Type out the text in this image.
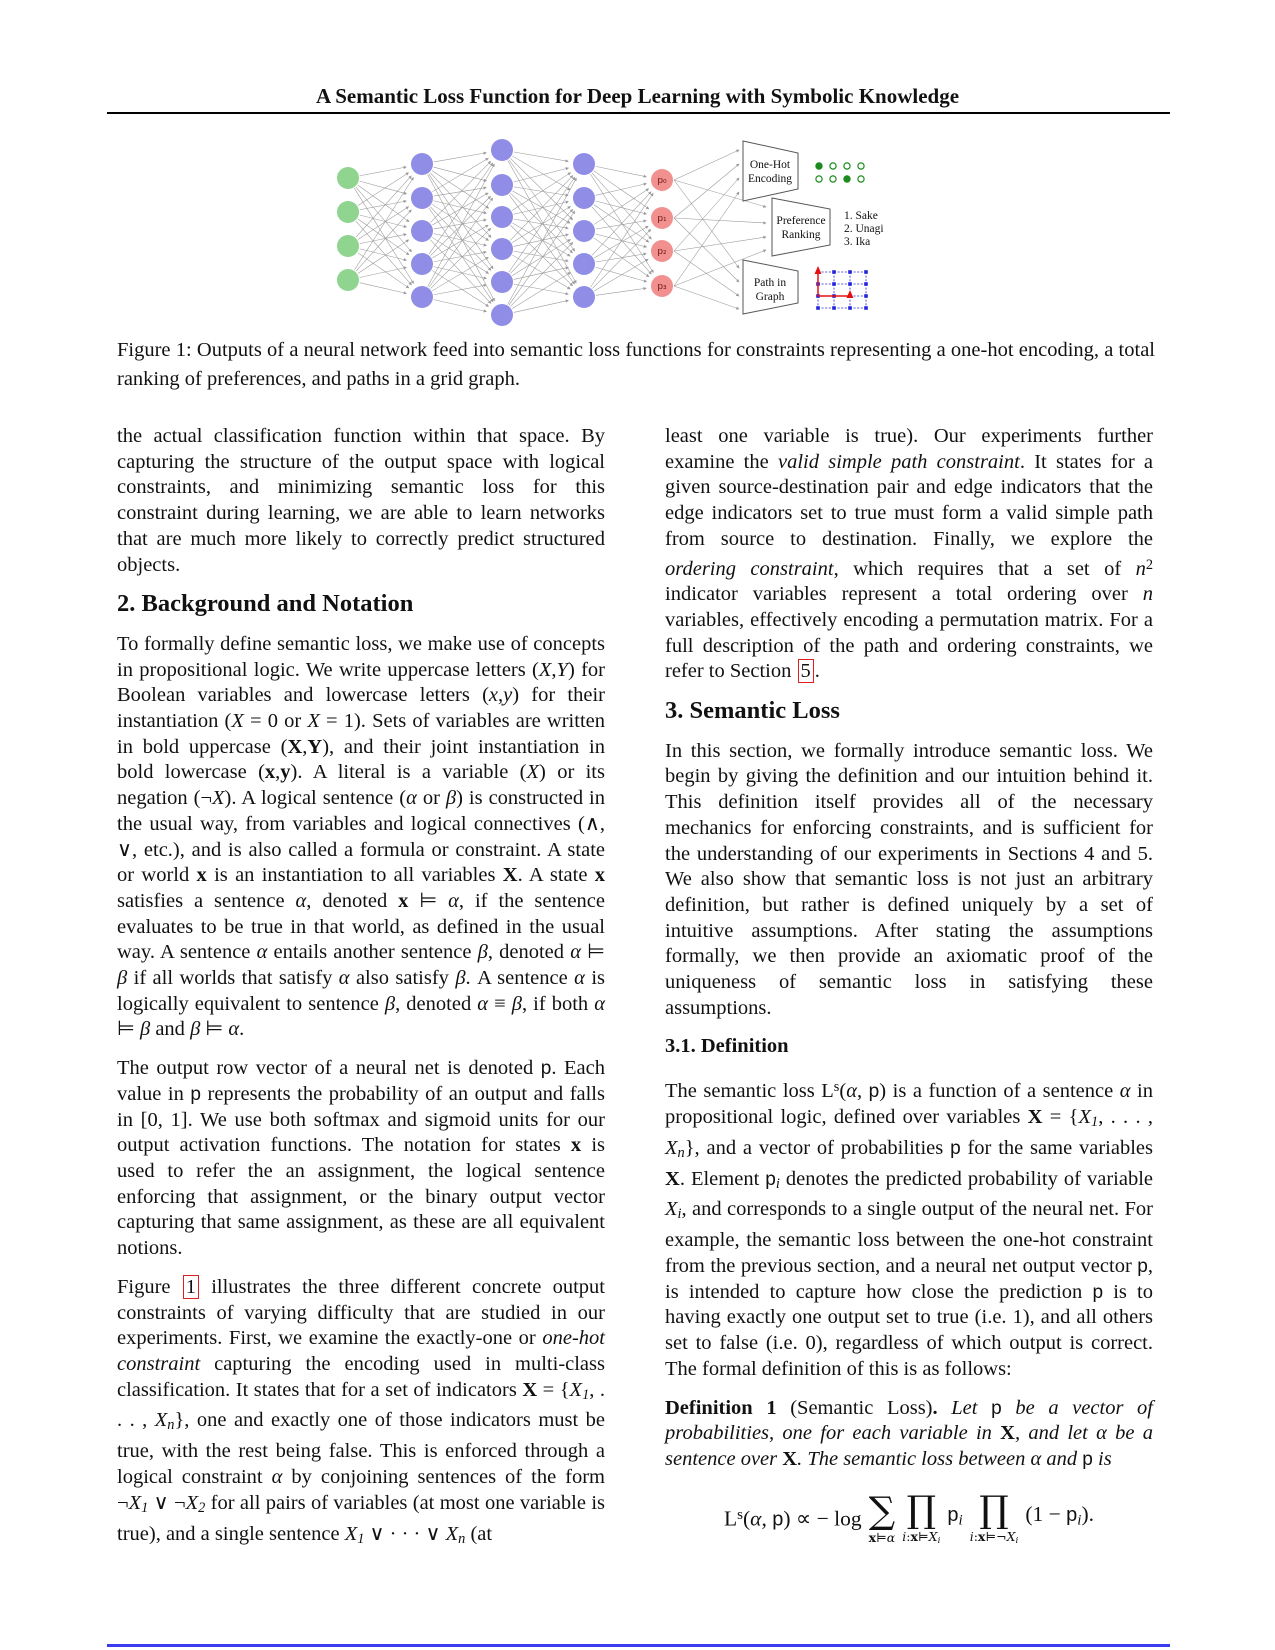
A Semantic Loss Function for Deep Learning with Symbolic Knowledge
p₀
p₁
p₂
p₃
One-Hot
Encoding
Preference
Ranking
Path in
Graph
1. Sake
2. Unagi
3. Ika
Figure 1: Outputs of a neural network feed into semantic loss functions for constraints representing a one-hot encoding, a total ranking of preferences, and paths in a grid graph.

the actual classification function within that space. By capturing the structure of the output space with logical constraints, and minimizing semantic loss for this constraint during learning, we are able to learn networks that are much more likely to correctly predict structured objects.

2. Background and Notation

To formally define semantic loss, we make use of concepts in propositional logic. We write uppercase letters (X,Y) for Boolean variables and lowercase letters (x,y) for their instantiation (X = 0 or X = 1). Sets of variables are written in bold uppercase (X,Y), and their joint instantiation in bold lowercase (x,y). A literal is a variable (X) or its negation (¬X). A logical sentence (α or β) is constructed in the usual way, from variables and logical connectives (∧, ∨, etc.), and is also called a formula or constraint. A state or world x is an instantiation to all variables X. A state x satisfies a sentence α, denoted x ⊨ α, if the sentence evaluates to be true in that world, as defined in the usual way. A sentence α entails another sentence β, denoted α ⊨ β if all worlds that satisfy α also satisfy β. A sentence α is logically equivalent to sentence β, denoted α ≡ β, if both α ⊨ β and β ⊨ α.

The output row vector of a neural net is denoted p. Each value in p represents the probability of an output and falls in [0, 1]. We use both softmax and sigmoid units for our output activation functions. The notation for states x is used to refer the an assignment, the logical sentence enforcing that assignment, or the binary output vector capturing that same assignment, as these are all equivalent notions.

Figure 1 illustrates the three different concrete output constraints of varying difficulty that are studied in our experiments. First, we examine the exactly-one or one-hot constraint capturing the encoding used in multi-class classification. It states that for a set of indicators X = {X1, . . . , Xn}, one and exactly one of those indicators must be true, with the rest being false. This is enforced through a logical constraint α by conjoining sentences of the form ¬X1 ∨ ¬X2 for all pairs of variables (at most one variable is true), and a single sentence X1 ∨ · · · ∨ Xn (at

least one variable is true). Our experiments further examine the valid simple path constraint. It states for a given source-destination pair and edge indicators that the edge indicators set to true must form a valid simple path from source to destination. Finally, we explore the ordering constraint, which requires that a set of $n^2$ indicator variables represent a total ordering over n variables, effectively encoding a permutation matrix. For a full description of the path and ordering constraints, we refer to Section 5 .

3. Semantic Loss

In this section, we formally introduce semantic loss. We begin by giving the definition and our intuition behind it. This definition itself provides all of the necessary mechanics for enforcing constraints, and is sufficient for the understanding of our experiments in Sections 4 and 5. We also show that semantic loss is not just an arbitrary definition, but rather is defined uniquely by a set of intuitive assumptions. After stating the assumptions formally, we then provide an axiomatic proof of the uniqueness of semantic loss in satisfying these assumptions.

3.1. Definition

The semantic loss $L^s(\alpha$, p) is a function of a sentence α in propositional logic, defined over variables X = {X1, . . . , Xn}, and a vector of probabilities p for the same variables X. Element pi denotes the predicted probability of variable Xi, and corresponds to a single output of the neural net. For example, the semantic loss between the one-hot constraint from the previous section, and a neural net output vector p, is intended to capture how close the prediction p is to having exactly one output set to true (i.e. 1), and all others set to false (i.e. 0), regardless of which output is correct. The formal definition of this is as follows:

Definition 1 (Semantic Loss). Let p be a vector of probabilities, one for each variable in X, and let α be a sentence over X. The semantic loss between α and p is

$L^s(\alpha$, p) ∝ − log ∑
x⊨α
∏
i:x⊨Xi
pi ∏
i:x⊨¬Xi
(1 − pi).
